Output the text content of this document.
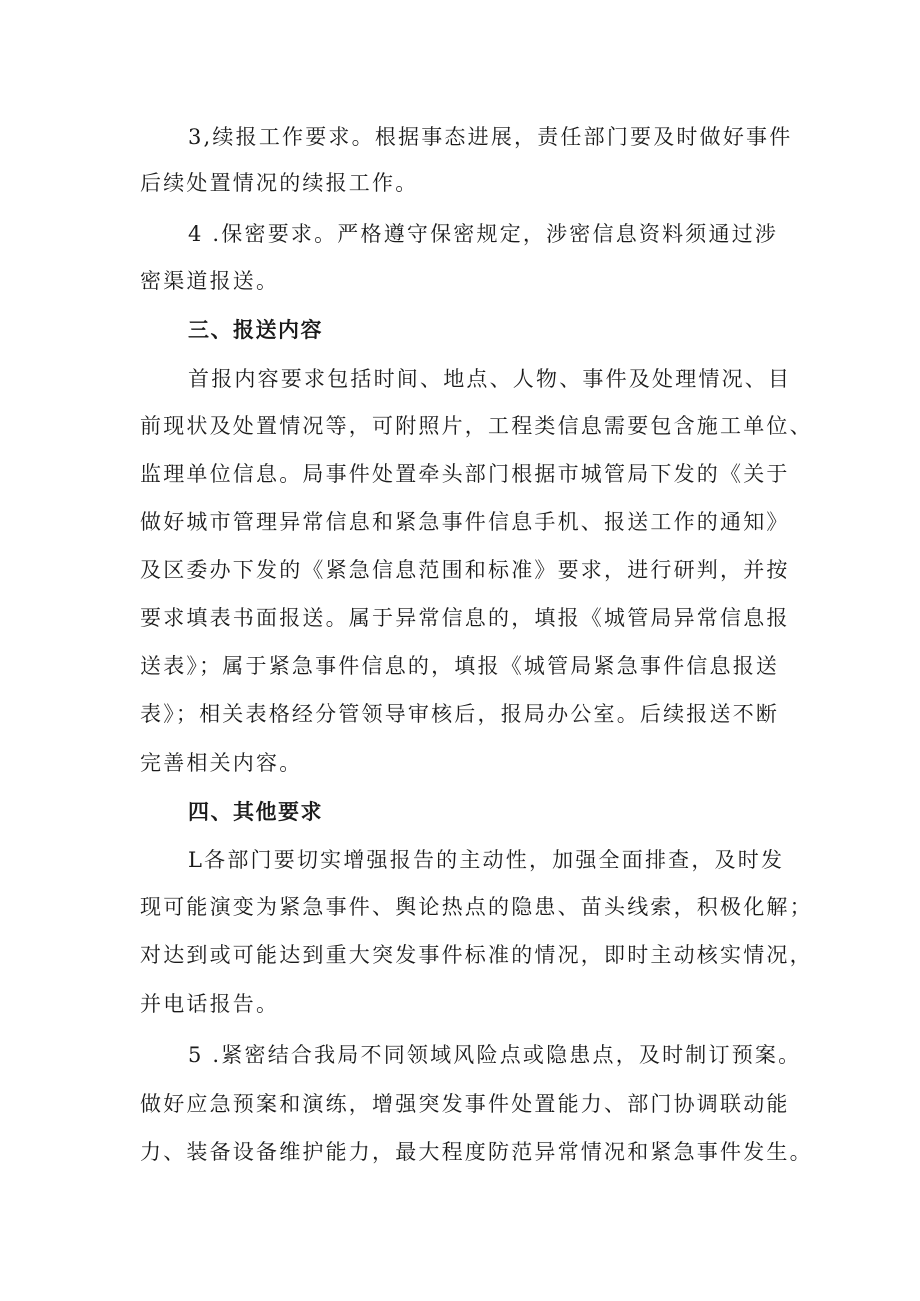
3,续报工作要求。根据事态进展，责任部门要及时做好事件
后续处置情况的续报工作。
4 .保密要求。严格遵守保密规定，涉密信息资料须通过涉
密渠道报送。
三、报送内容
首报内容要求包括时间、地点、人物、事件及处理情况、目
前现状及处置情况等，可附照片，工程类信息需要包含施工单位、
监理单位信息。局事件处置牵头部门根据市城管局下发的《关于
做好城市管理异常信息和紧急事件信息手机、报送工作的通知》
及区委办下发的《紧急信息范围和标准》要求，进行研判，并按
要求填表书面报送。属于异常信息的，填报《城管局异常信息报
送表》；属于紧急事件信息的，填报《城管局紧急事件信息报送
表》；相关表格经分管领导审核后，报局办公室。后续报送不断
完善相关内容。
四、其他要求
L各部门要切实增强报告的主动性，加强全面排查，及时发
现可能演变为紧急事件、舆论热点的隐患、苗头线索，积极化解；
对达到或可能达到重大突发事件标准的情况，即时主动核实情况，
并电话报告。
5 .紧密结合我局不同领域风险点或隐患点，及时制订预案。
做好应急预案和演练，增强突发事件处置能力、部门协调联动能
力、装备设备维护能力，最大程度防范异常情况和紧急事件发生。
